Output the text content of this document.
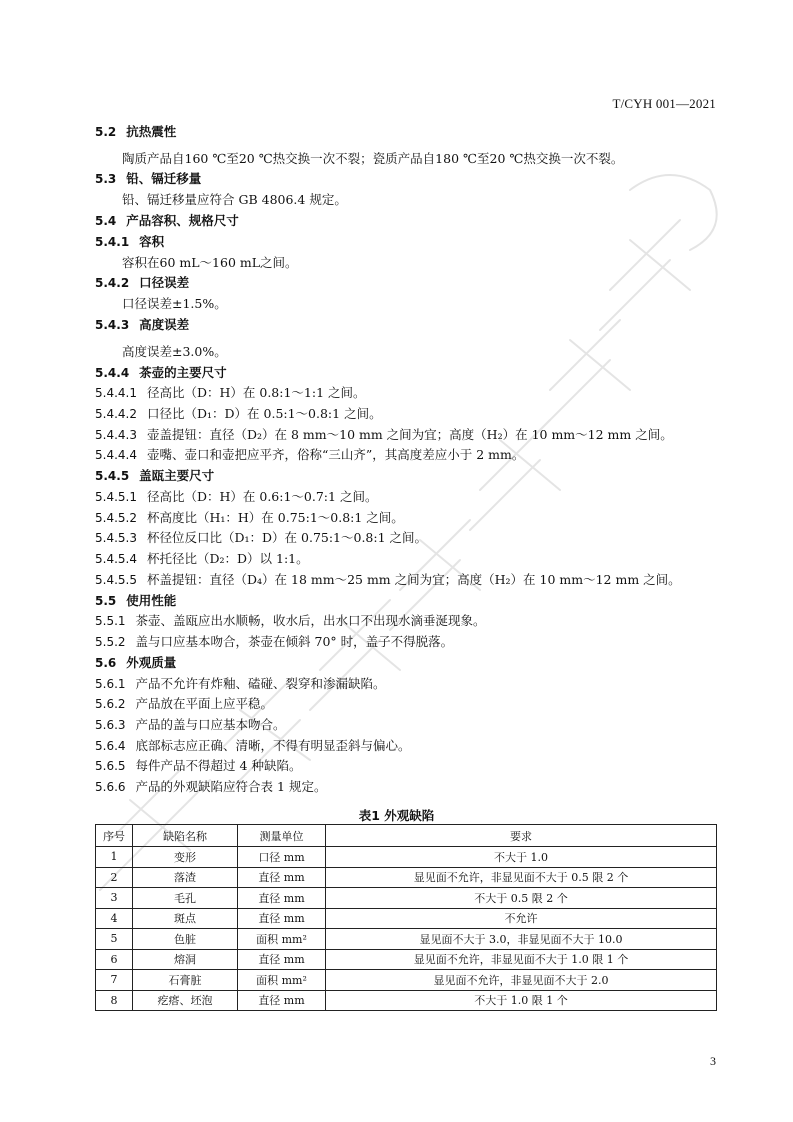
T/CYH 001—2021
5.2 抗热震性
陶质产品自160 ℃至20 ℃热交换一次不裂；瓷质产品自180 ℃至20 ℃热交换一次不裂。
5.3 铅、镉迁移量
铅、镉迁移量应符合 GB 4806.4 规定。
5.4 产品容积、规格尺寸
5.4.1 容积
容积在60 mL～160 mL之间。
5.4.2 口径误差
口径误差±1.5%。
5.4.3 高度误差
高度误差±3.0%。
5.4.4 茶壶的主要尺寸
5.4.4.1 径高比（D：H）在 0.8:1～1:1 之间。
5.4.4.2 口径比（D₁：D）在 0.5:1～0.8:1 之间。
5.4.4.3 壶盖提钮：直径（D₂）在 8 mm～10 mm 之间为宜；高度（H₂）在 10 mm～12 mm 之间。
5.4.4.4 壶嘴、壶口和壶把应平齐，俗称“三山齐”，其高度差应小于 2 mm。
5.4.5 盖瓯主要尺寸
5.4.5.1 径高比（D：H）在 0.6:1～0.7:1 之间。
5.4.5.2 杯高度比（H₁：H）在 0.75:1～0.8:1 之间。
5.4.5.3 杯径位反口比（D₁：D）在 0.75:1～0.8:1 之间。
5.4.5.4 杯托径比（D₂：D）以 1:1。
5.4.5.5 杯盖提钮：直径（D₄）在 18 mm～25 mm 之间为宜；高度（H₂）在 10 mm～12 mm 之间。
5.5 使用性能
5.5.1 茶壶、盖瓯应出水顺畅，收水后，出水口不出现水滴垂涎现象。
5.5.2 盖与口应基本吻合，茶壶在倾斜 70° 时，盖子不得脱落。
5.6 外观质量
5.6.1 产品不允许有炸釉、磕碰、裂穿和渗漏缺陷。
5.6.2 产品放在平面上应平稳。
5.6.3 产品的盖与口应基本吻合。
5.6.4 底部标志应正确、清晰，不得有明显歪斜与偏心。
5.6.5 每件产品不得超过 4 种缺陷。
5.6.6 产品的外观缺陷应符合表 1 规定。
表1 外观缺陷
序号	缺陷名称	测量单位	要求
1	变形	口径 mm	不大于 1.0
2	落渣	直径 mm	显见面不允许，非显见面不大于 0.5 限 2 个
3	毛孔	直径 mm	不大于 0.5 限 2 个
4	斑点	直径 mm	不允许
5	色脏	面积 mm²	显见面不大于 3.0，非显见面不大于 10.0
6	熔洞	直径 mm	显见面不允许，非显见面不大于 1.0 限 1 个
7	石膏脏	面积 mm²	显见面不允许，非显见面不大于 2.0
8	疙瘩、坯泡	直径 mm	不大于 1.0 限 1 个
3
